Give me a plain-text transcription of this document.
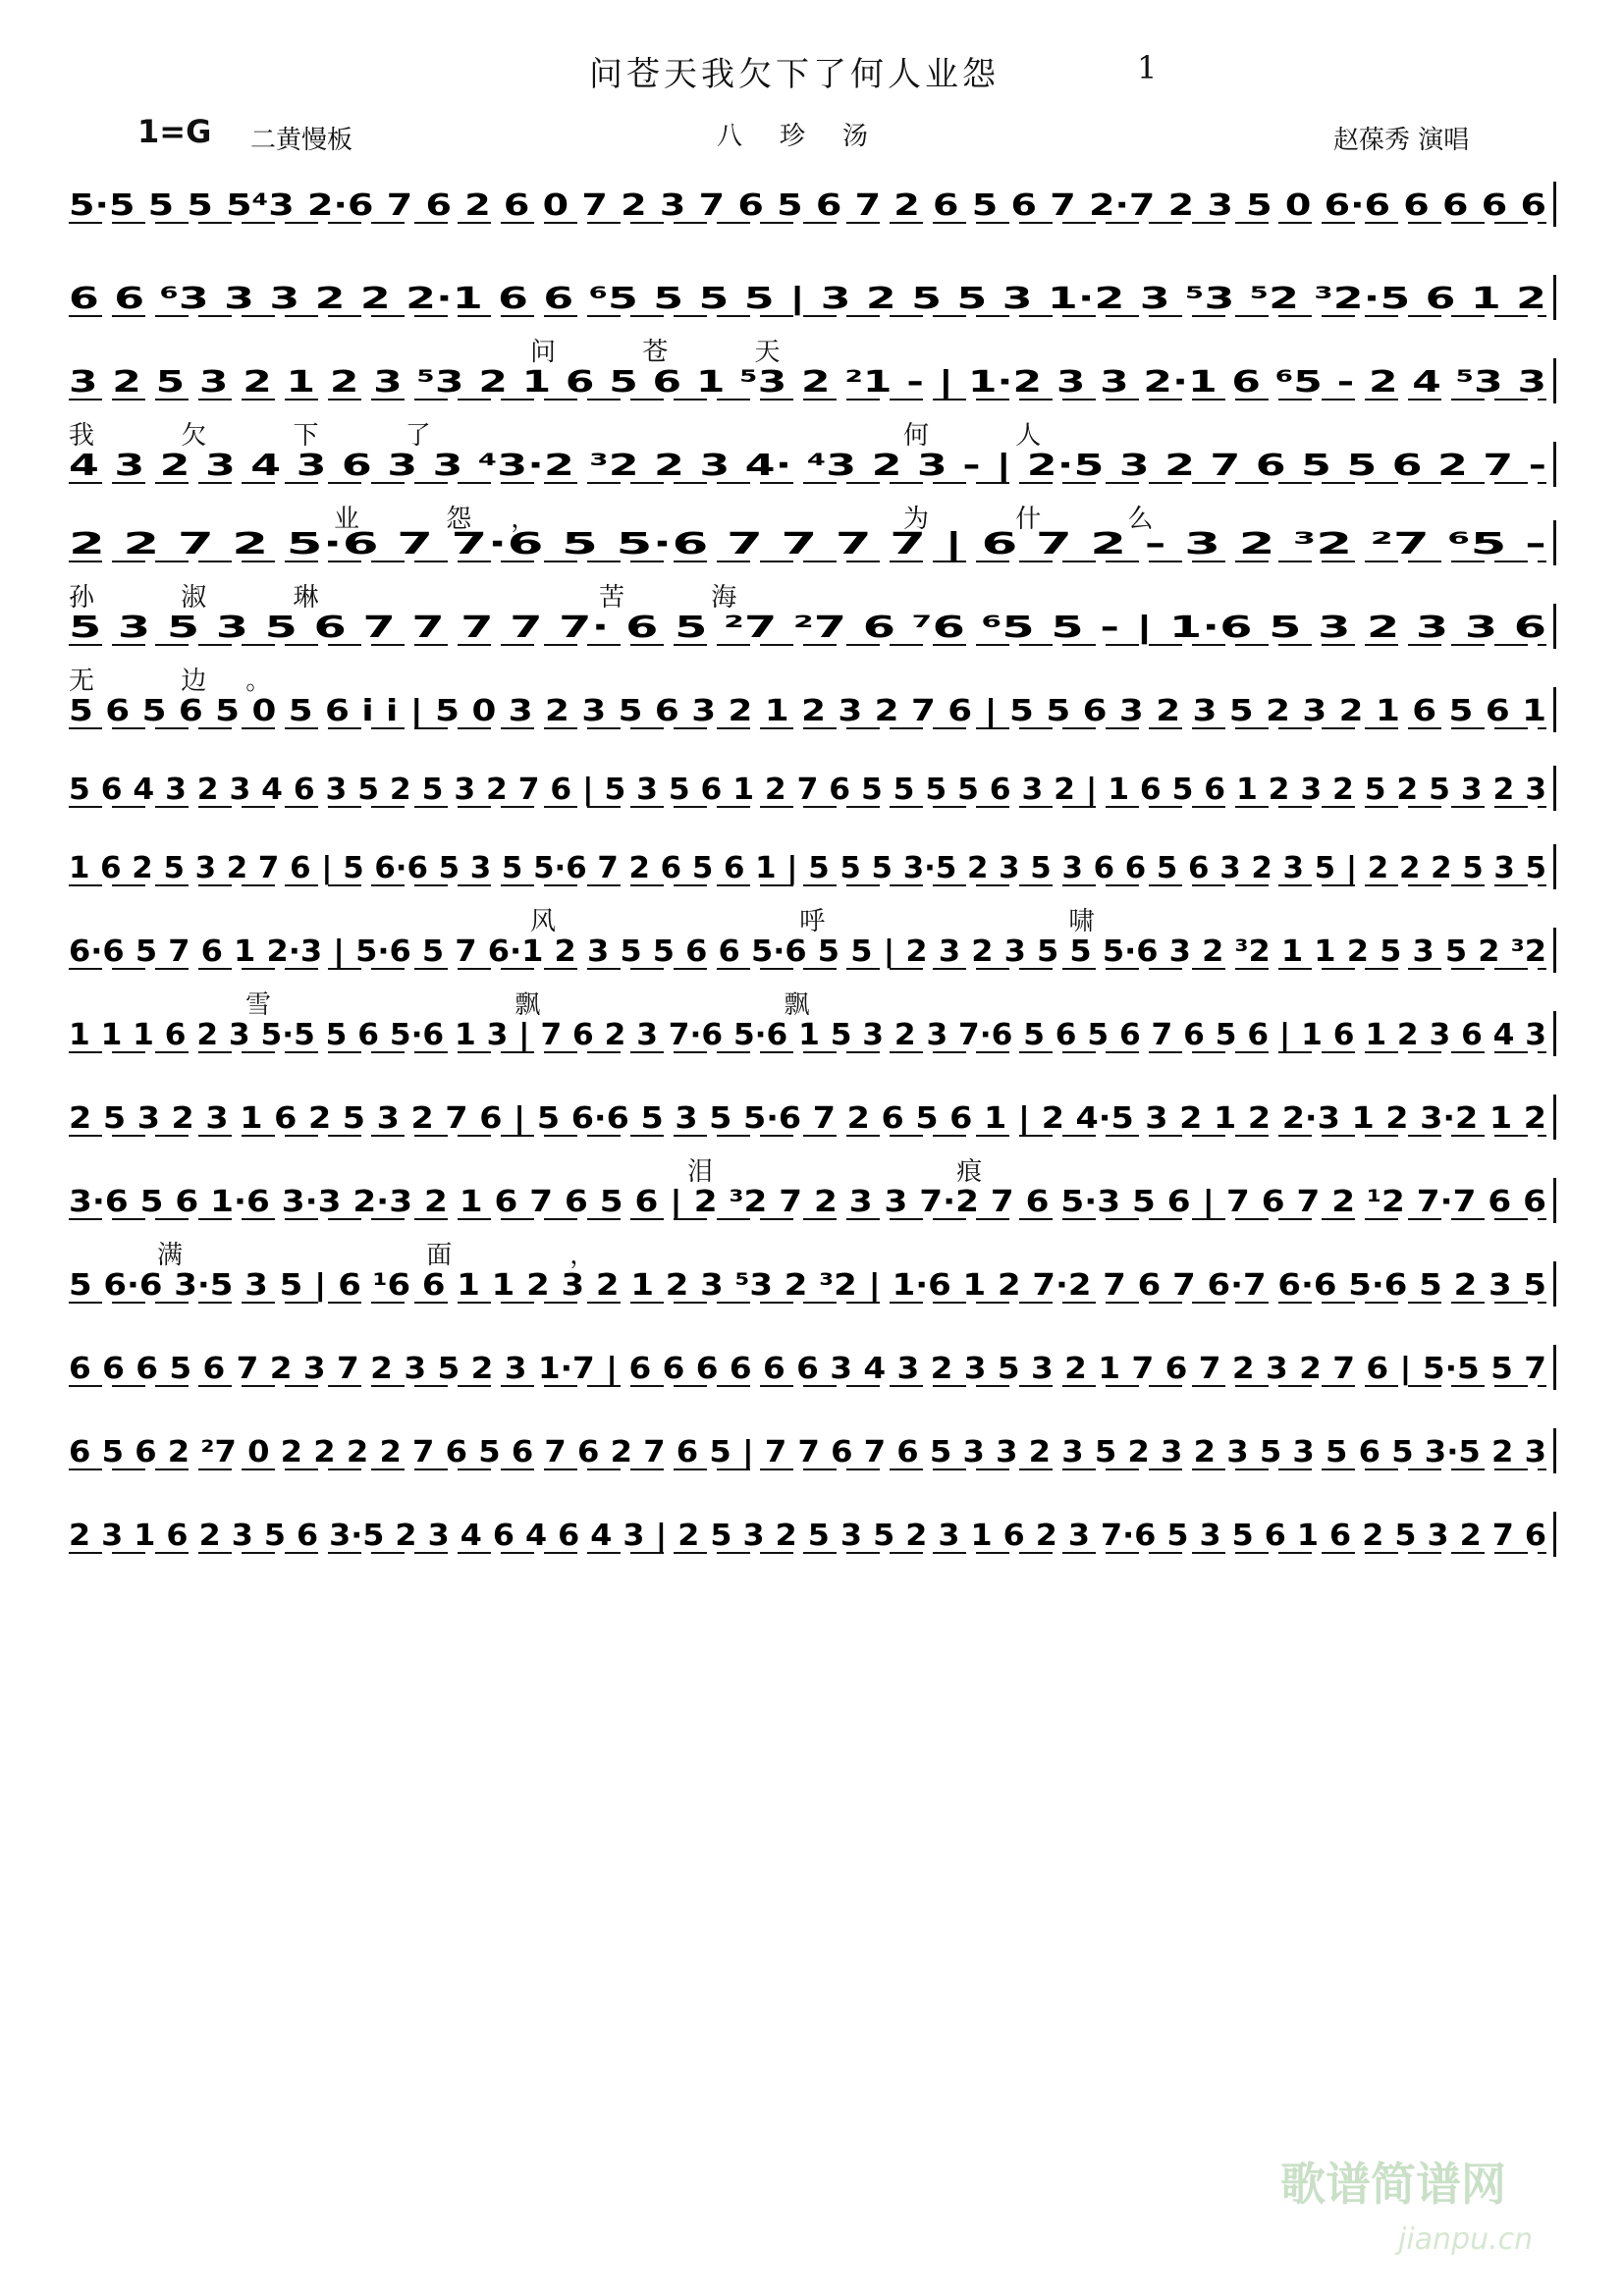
问苍天我欠下了何人业怨	1
1=G 二黄慢板	八珍汤	赵葆秀 演唱
5·5 5 5 5⁴3 2·6 7 6 2 6 0 7 2 3 7 6 5 6 7 2 6 5 6 7 2·7 2 3 5 0 6·6 6 6 6 6
6 6 ⁶3 3 3 2 2 2·1 6 6 ⁶5 5 5 5 | 3 2 5 5 3 1·2 3 ⁵3 ⁵2 ³2·5 6 1 2
问 苍 天
3 2 5 3 2 1 2 3 ⁵3 2 1 6 5 6 1 ⁵3 2 ²1 - | 1·2 3 3 2·1 6 ⁶5 - 2 4 ⁵3 3
我 欠 下 了	何 人
4 3 2 3 4 3 6 3 3 ⁴3·2 ³2 2 3 4· ⁴3 2 3 - | 2·5 3 2 7 6 5 5 6 2 7 -
业 怨，	为 什 么
2 2 7 2 5·6 7 7·6 5 5·6 7 7 7 7 | 6 7 2 - 3 2 ³2 ²7 ⁶5 -
孙 淑 琳	苦 海
5 3 5 3 5 6 7 7 7 7 7· 6 5 ²7 ²7 6 ⁷6 ⁶5 5 - | 1·6 5 3 2 3 3 6
无 边。
5 6 5 6 5 0 5 6 i i | 5 0 3 2 3 5 6 3 2 1 2 3 2 7 6 | 5 5 6 3 2 3 5 2 3 2 1 6 5 6 1
5 6 4 3 2 3 4 6 3 5 2 5 3 2 7 6 | 5 3 5 6 1 2 7 6 5 5 5 5 6 3 2 | 1 6 5 6 1 2 3 2 5 2 5 3 2 3
1 6 2 5 3 2 7 6 | 5 6·6 5 3 5 5·6 7 2 6 5 6 1 | 5 5 5 3·5 2 3 5 3 6 6 5 6 3 2 3 5 | 2 2 2 5 3 5
风 呼 啸
6·6 5 7 6 1 2·3 | 5·6 5 7 6·1 2 3 5 5 6 6 5·6 5 5 | 2 3 2 3 5 5 5·6 3 2 ³2 1 1 2 5 3 5 2 ³2
雪 飘 飘
1 1 1 6 2 3 5·5 5 6 5·6 1 3 | 7 6 2 3 7·6 5·6 1 5 3 2 3 7·6 5 6 5 6 7 6 5 6 | 1 6 1 2 3 6 4 3
2 5 3 2 3 1 6 2 5 3 2 7 6 | 5 6·6 5 3 5 5·6 7 2 6 5 6 1 | 2 4·5 3 2 1 2 2·3 1 2 3·2 1 2
泪 痕
3·6 5 6 1·6 3·3 2·3 2 1 6 7 6 5 6 | 2 ³2 7 2 3 3 7·2 7 6 5·3 5 6 | 7 6 7 2 ¹2 7·7 6 6
满 面，
5 6·6 3·5 3 5 | 6 ¹6 6 1 1 2 3 2 1 2 3 ⁵3 2 ³2 | 1·6 1 2 7·2 7 6 7 6·7 6·6 5·6 5 2 3 5
6 6 6 5 6 7 2 3 7 2 3 5 2 3 1·7 | 6 6 6 6 6 6 3 4 3 2 3 5 3 2 1 7 6 7 2 3 2 7 6 | 5·5 5 7
6 5 6 2 ²7 0 2 2 2 2 7 6 5 6 7 6 2 7 6 5 | 7 7 6 7 6 5 3 3 2 3 5 2 3 2 3 5 3 5 6 5 3·5 2 3
2 3 1 6 2 3 5 6 3·5 2 3 4 6 4 6 4 3 | 2 5 3 2 5 3 5 2 3 1 6 2 3 7·6 5 3 5 6 1 6 2 5 3 2 7 6
歌谱简谱网
jianpu.cn
